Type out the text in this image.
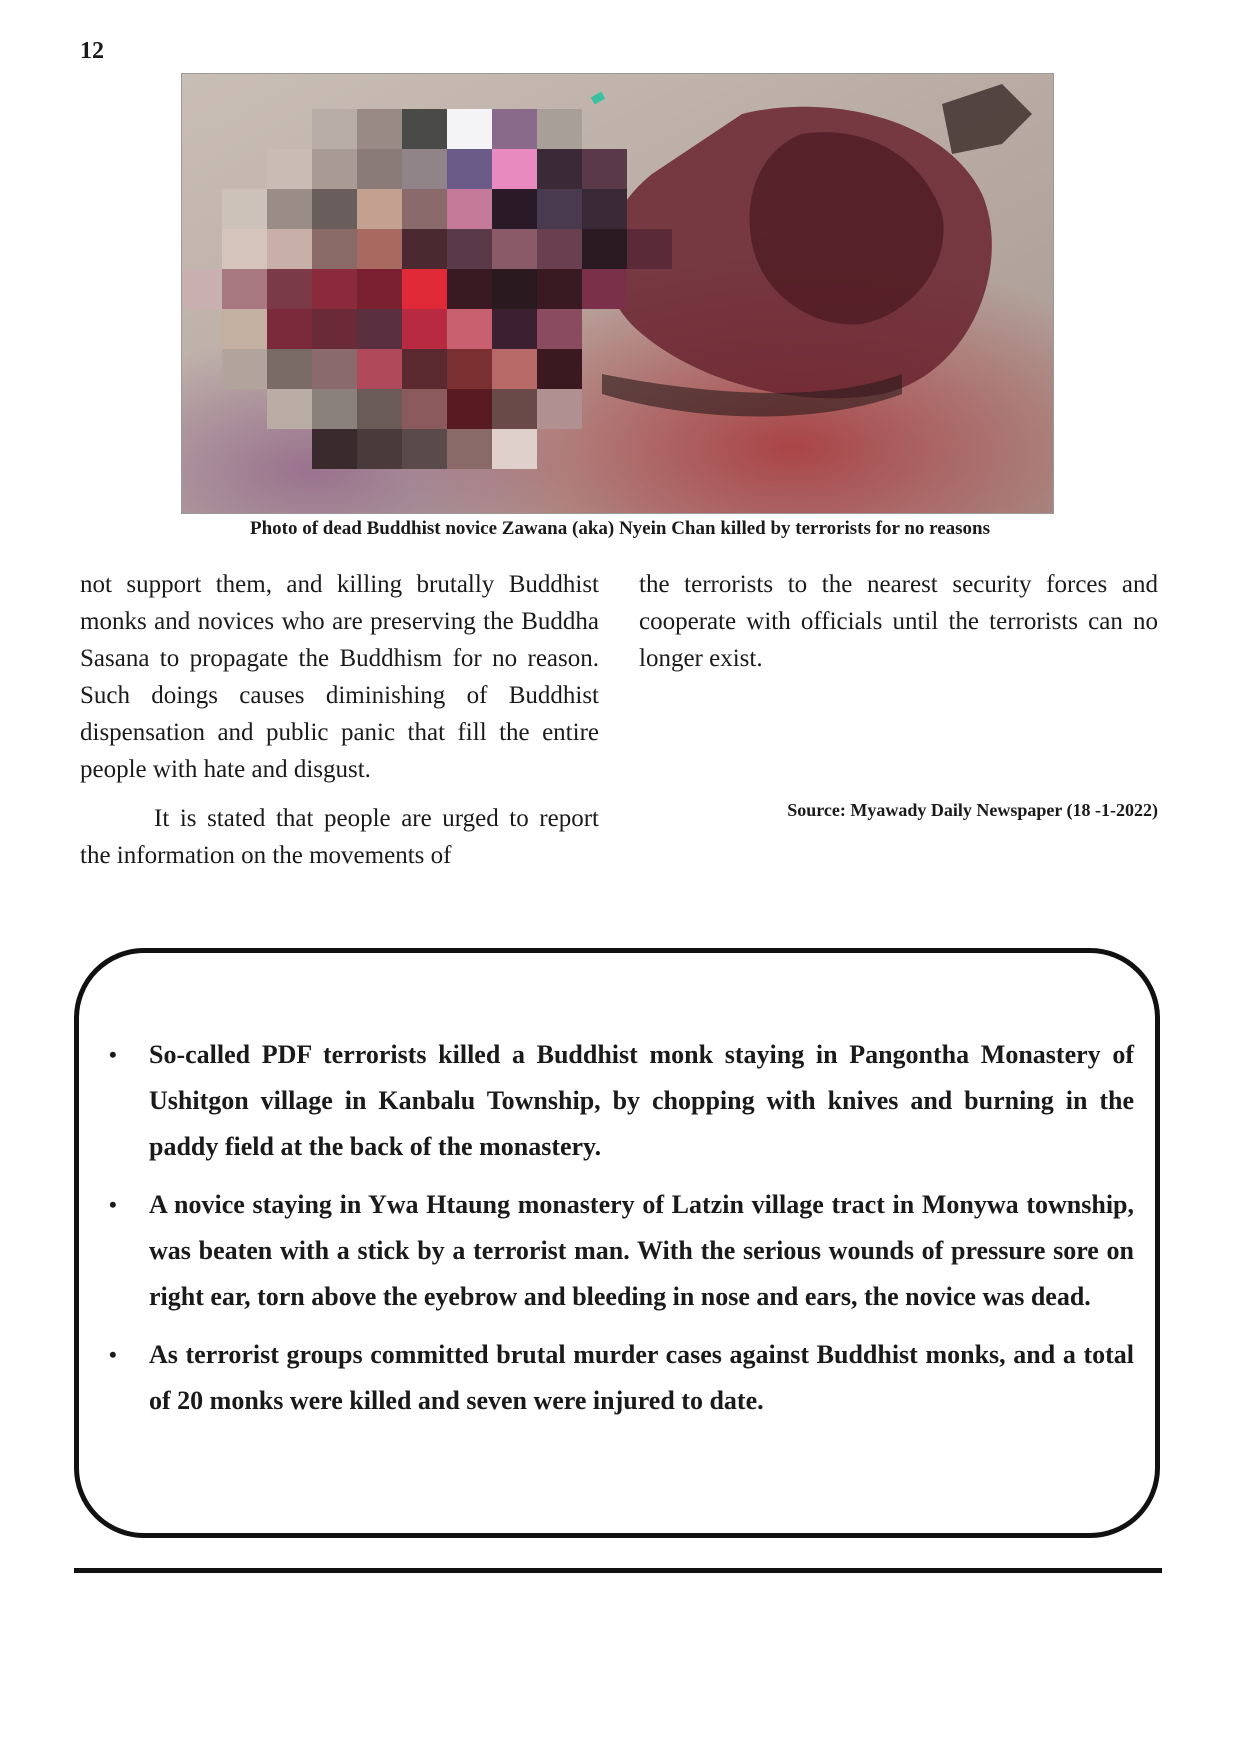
12
Photo of dead Buddhist novice Zawana (aka) Nyein Chan killed by terrorists for no reasons

not support them, and killing brutally Buddhist monks and novices who are preserving the Buddha Sasana to propagate the Buddhism for no reason. Such doings causes diminishing of Buddhist dispensation and public panic that fill the entire people with hate and disgust.

It is stated that people are urged to report the information on the movements of

the terrorists to the nearest security forces and cooperate with officials until the terrorists can no longer exist.

Source: Myawady Daily Newspaper (18 -1-2022)
• So-called PDF terrorists killed a Buddhist monk staying in Pangontha Monastery of Ushitgon village in Kanbalu Township, by chopping with knives and burning in the paddy field at the back of the monastery.
• A novice staying in Ywa Htaung monastery of Latzin village tract in Monywa township, was beaten with a stick by a terrorist man. With the serious wounds of pressure sore on right ear, torn above the eyebrow and bleeding in nose and ears, the novice was dead.
• As terrorist groups committed brutal murder cases against Buddhist monks, and a total of 20 monks were killed and seven were injured to date.
